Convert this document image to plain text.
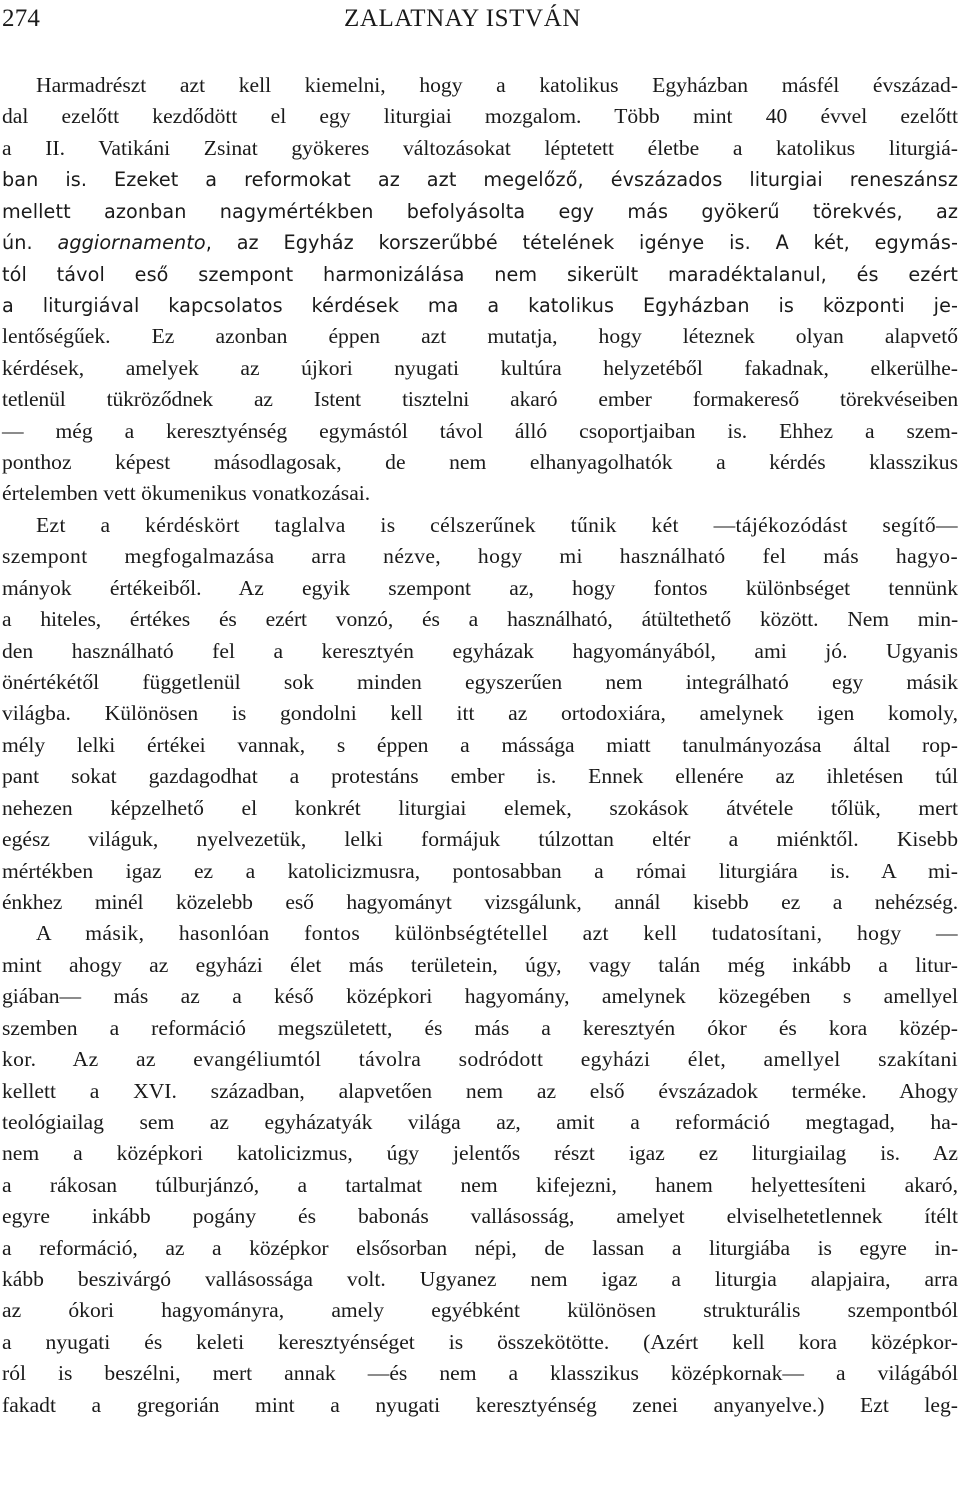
274	ZALATNAY ISTVÁN
Harmadrészt azt kell kiemelni, hogy a katolikus Egyházban másfél évszázad-
dal ezelőtt kezdődött el egy liturgiai mozgalom. Több mint 40 évvel ezelőtt
a II. Vatikáni Zsinat gyökeres változásokat léptetett életbe a katolikus liturgiá-
ban is. Ezeket a reformokat az azt megelőző, évszázados liturgiai reneszánsz
mellett azonban nagymértékben befolyásolta egy más gyökerű törekvés, az
ún. aggiornamento, az Egyház korszerűbbé tételének igénye is. A két, egymás-
tól távol eső szempont harmonizálása nem sikerült maradéktalanul, és ezért
a liturgiával kapcsolatos kérdések ma a katolikus Egyházban is központi je-
lentőségűek. Ez azonban éppen azt mutatja, hogy léteznek olyan alapvető
kérdések, amelyek az újkori nyugati kultúra helyzetéből fakadnak, elkerülhe-
tetlenül tükröződnek az Istent tisztelni akaró ember formakereső törekvéseiben
— még a keresztyénség egymástól távol álló csoportjaiban is. Ehhez a szem-
ponthoz képest másodlagosak, de nem elhanyagolhatók a kérdés klasszikus
értelemben vett ökumenikus vonatkozásai.
Ezt a kérdéskört taglalva is célszerűnek tűnik két —tájékozódást segítő—
szempont megfogalmazása arra nézve, hogy mi használható fel más hagyo-
mányok értékeiből. Az egyik szempont az, hogy fontos különbséget tennünk
a hiteles, értékes és ezért vonzó, és a használható, átültethető között. Nem min-
den használható fel a keresztyén egyházak hagyományából, ami jó. Ugyanis
önértékétől függetlenül sok minden egyszerűen nem integrálható egy másik
világba. Különösen is gondolni kell itt az ortodoxiára, amelynek igen komoly,
mély lelki értékei vannak, s éppen a mássága miatt tanulmányozása által rop-
pant sokat gazdagodhat a protestáns ember is. Ennek ellenére az ihletésen túl
nehezen képzelhető el konkrét liturgiai elemek, szokások átvétele tőlük, mert
egész világuk, nyelvezetük, lelki formájuk túlzottan eltér a miénktől. Kisebb
mértékben igaz ez a katolicizmusra, pontosabban a római liturgiára is. A mi-
énkhez minél közelebb eső hagyományt vizsgálunk, annál kisebb ez a nehézség.
A másik, hasonlóan fontos különbségtétellel azt kell tudatosítani, hogy —
mint ahogy az egyházi élet más területein, úgy, vagy talán még inkább a litur-
giában— más az a késő középkori hagyomány, amelynek közegében s amellyel
szemben a reformáció megszületett, és más a keresztyén ókor és kora közép-
kor. Az az evangéliumtól távolra sodródott egyházi élet, amellyel szakítani
kellett a XVI. században, alapvetően nem az első évszázadok terméke. Ahogy
teológiailag sem az egyházatyák világa az, amit a reformáció megtagad, ha-
nem a középkori katolicizmus, úgy jelentős részt igaz ez liturgiailag is. Az
a rákosan túlburjánzó, a tartalmat nem kifejezni, hanem helyettesíteni akaró,
egyre inkább pogány és babonás vallásosság, amelyet elviselhetetlennek ítélt
a reformáció, az a középkor elsősorban népi, de lassan a liturgiába is egyre in-
kább beszivárgó vallásossága volt. Ugyanez nem igaz a liturgia alapjaira, arra
az ókori hagyományra, amely egyébként különösen strukturális szempontból
a nyugati és keleti keresztyénséget is összekötötte. (Azért kell kora középkor-
ról is beszélni, mert annak —és nem a klasszikus középkornak— a világából
fakadt a gregorián mint a nyugati keresztyénség zenei anyanyelve.) Ezt leg-
